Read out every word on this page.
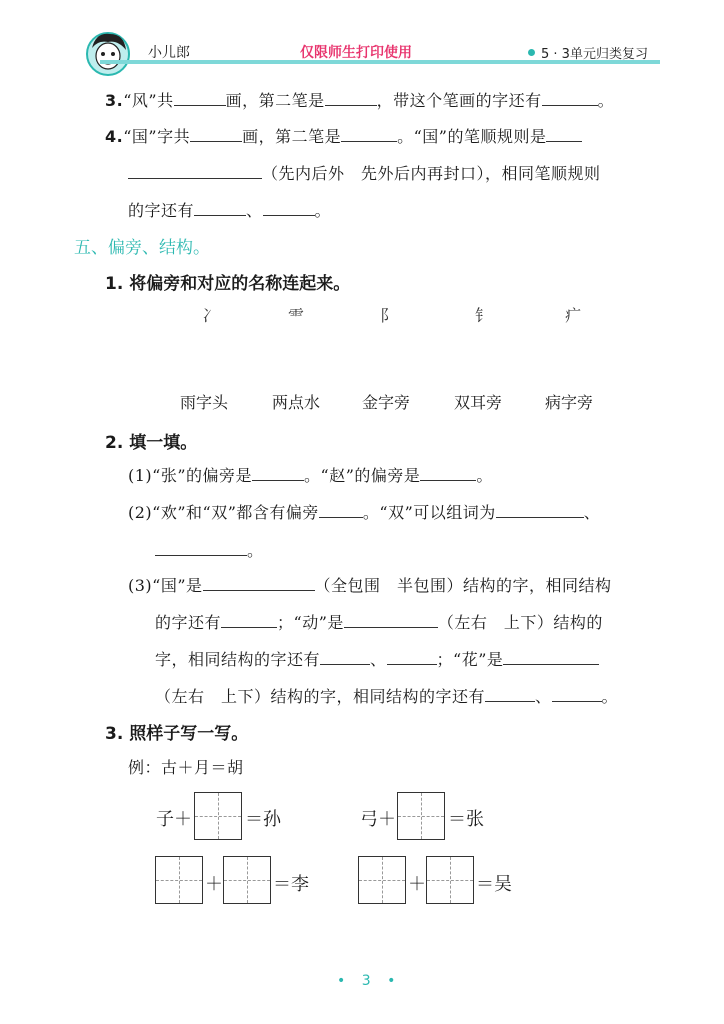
小儿郎	仅限师生打印使用	5 · 3单元归类复习
3.“风”共	画，第二笔是	，带这个笔画的字还有	。
4.“国”字共	画，第二笔是	。“国”的笔顺规则是
（先内后外　先外后内再封口），相同笔顺规则
的字还有	、	。
五、偏旁、结构。
1. 将偏旁和对应的名称连起来。
冫	⻗	阝	钅	疒
雨字头	两点水	金字旁	双耳旁	病字旁
2. 填一填。
(1)“张”的偏旁是	。“赵”的偏旁是	。
(2)“欢”和“双”都含有偏旁	。“双”可以组词为	、
。
(3)“国”是	（全包围　半包围）结构的字，相同结构
的字还有	；“动”是	（左右　上下）结构的
字，相同结构的字还有	、	；“花”是
（左右　上下）结构的字，相同结构的字还有	、	。
3. 照样子写一写。
例：古＋月＝胡
子＋	＝孙	弓＋	＝张
＋	＝李	＋	＝吴
• 3 •
